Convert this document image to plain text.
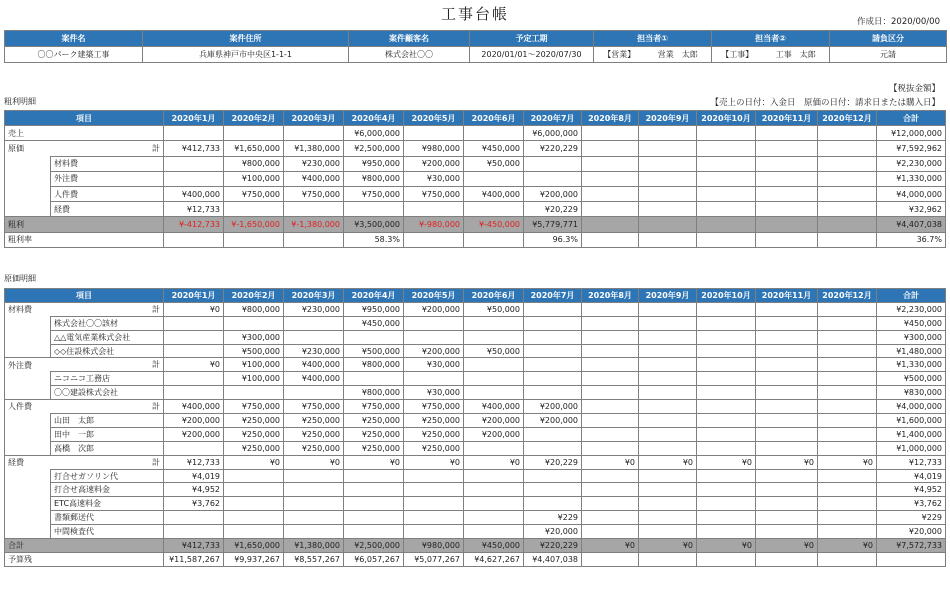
工事台帳	作成日：2020/00/00
案件名	案件住所	案件顧客名	予定工期	担当者①		担当者②		請負区分
〇〇パーク建築工事	兵庫県神戸市中央区1-1-1	株式会社〇〇	2020/01/01～2020/07/30	【営業】	営業　太郎	【工事】	工事　太郎	元請
【税抜金額】
粗利明細	【売上の日付：入金日　原価の日付：請求日または購入日】
項目		2020年1月	2020年2月	2020年3月	2020年4月	2020年5月	2020年6月	2020年7月	2020年8月	2020年9月	2020年10月	2020年11月	2020年12月	合計
売上					¥6,000,000			¥6,000,000						¥12,000,000
原価	計	¥412,733	¥1,650,000	¥1,380,000	¥2,500,000	¥980,000	¥450,000	¥220,229						¥7,592,962
	材料費		¥800,000	¥230,000	¥950,000	¥200,000	¥50,000							¥2,230,000
	外注費		¥100,000	¥400,000	¥800,000	¥30,000								¥1,330,000
	人件費	¥400,000	¥750,000	¥750,000	¥750,000	¥750,000	¥400,000	¥200,000						¥4,000,000
	経費	¥12,733						¥20,229						¥32,962
粗利		¥-412,733	¥-1,650,000	¥-1,380,000	¥3,500,000	¥-980,000	¥-450,000	¥5,779,771						¥4,407,038
粗利率					58.3%			96.3%						36.7%
原価明細
項目		2020年1月	2020年2月	2020年3月	2020年4月	2020年5月	2020年6月	2020年7月	2020年8月	2020年9月	2020年10月	2020年11月	2020年12月	合計
材料費	計	¥0	¥800,000	¥230,000	¥950,000	¥200,000	¥50,000							¥2,230,000
	株式会社〇〇該材				¥450,000									¥450,000
	△△電気産業株式会社		¥300,000											¥300,000
	◇◇住設株式会社		¥500,000	¥230,000	¥500,000	¥200,000	¥50,000							¥1,480,000
外注費	計	¥0	¥100,000	¥400,000	¥800,000	¥30,000								¥1,330,000
	ニコニコ工務店		¥100,000	¥400,000										¥500,000
	〇〇建設株式会社				¥800,000	¥30,000								¥830,000
人件費	計	¥400,000	¥750,000	¥750,000	¥750,000	¥750,000	¥400,000	¥200,000						¥4,000,000
	山田　太郎	¥200,000	¥250,000	¥250,000	¥250,000	¥250,000	¥200,000	¥200,000						¥1,600,000
	田中　一郎	¥200,000	¥250,000	¥250,000	¥250,000	¥250,000	¥200,000							¥1,400,000
	高橋　次郎		¥250,000	¥250,000	¥250,000	¥250,000								¥1,000,000
経費	計	¥12,733	¥0	¥0	¥0	¥0	¥0	¥20,229	¥0	¥0	¥0	¥0	¥0	¥12,733
	打合せガソリン代	¥4,019												¥4,019
	打合せ高速料金	¥4,952												¥4,952
	ETC高速料金	¥3,762												¥3,762
	書類郵送代							¥229						¥229
	中間検査代							¥20,000						¥20,000
合計		¥412,733	¥1,650,000	¥1,380,000	¥2,500,000	¥980,000	¥450,000	¥220,229	¥0	¥0	¥0	¥0	¥0	¥7,572,733
予算残		¥11,587,267	¥9,937,267	¥8,557,267	¥6,057,267	¥5,077,267	¥4,627,267	¥4,407,038						
